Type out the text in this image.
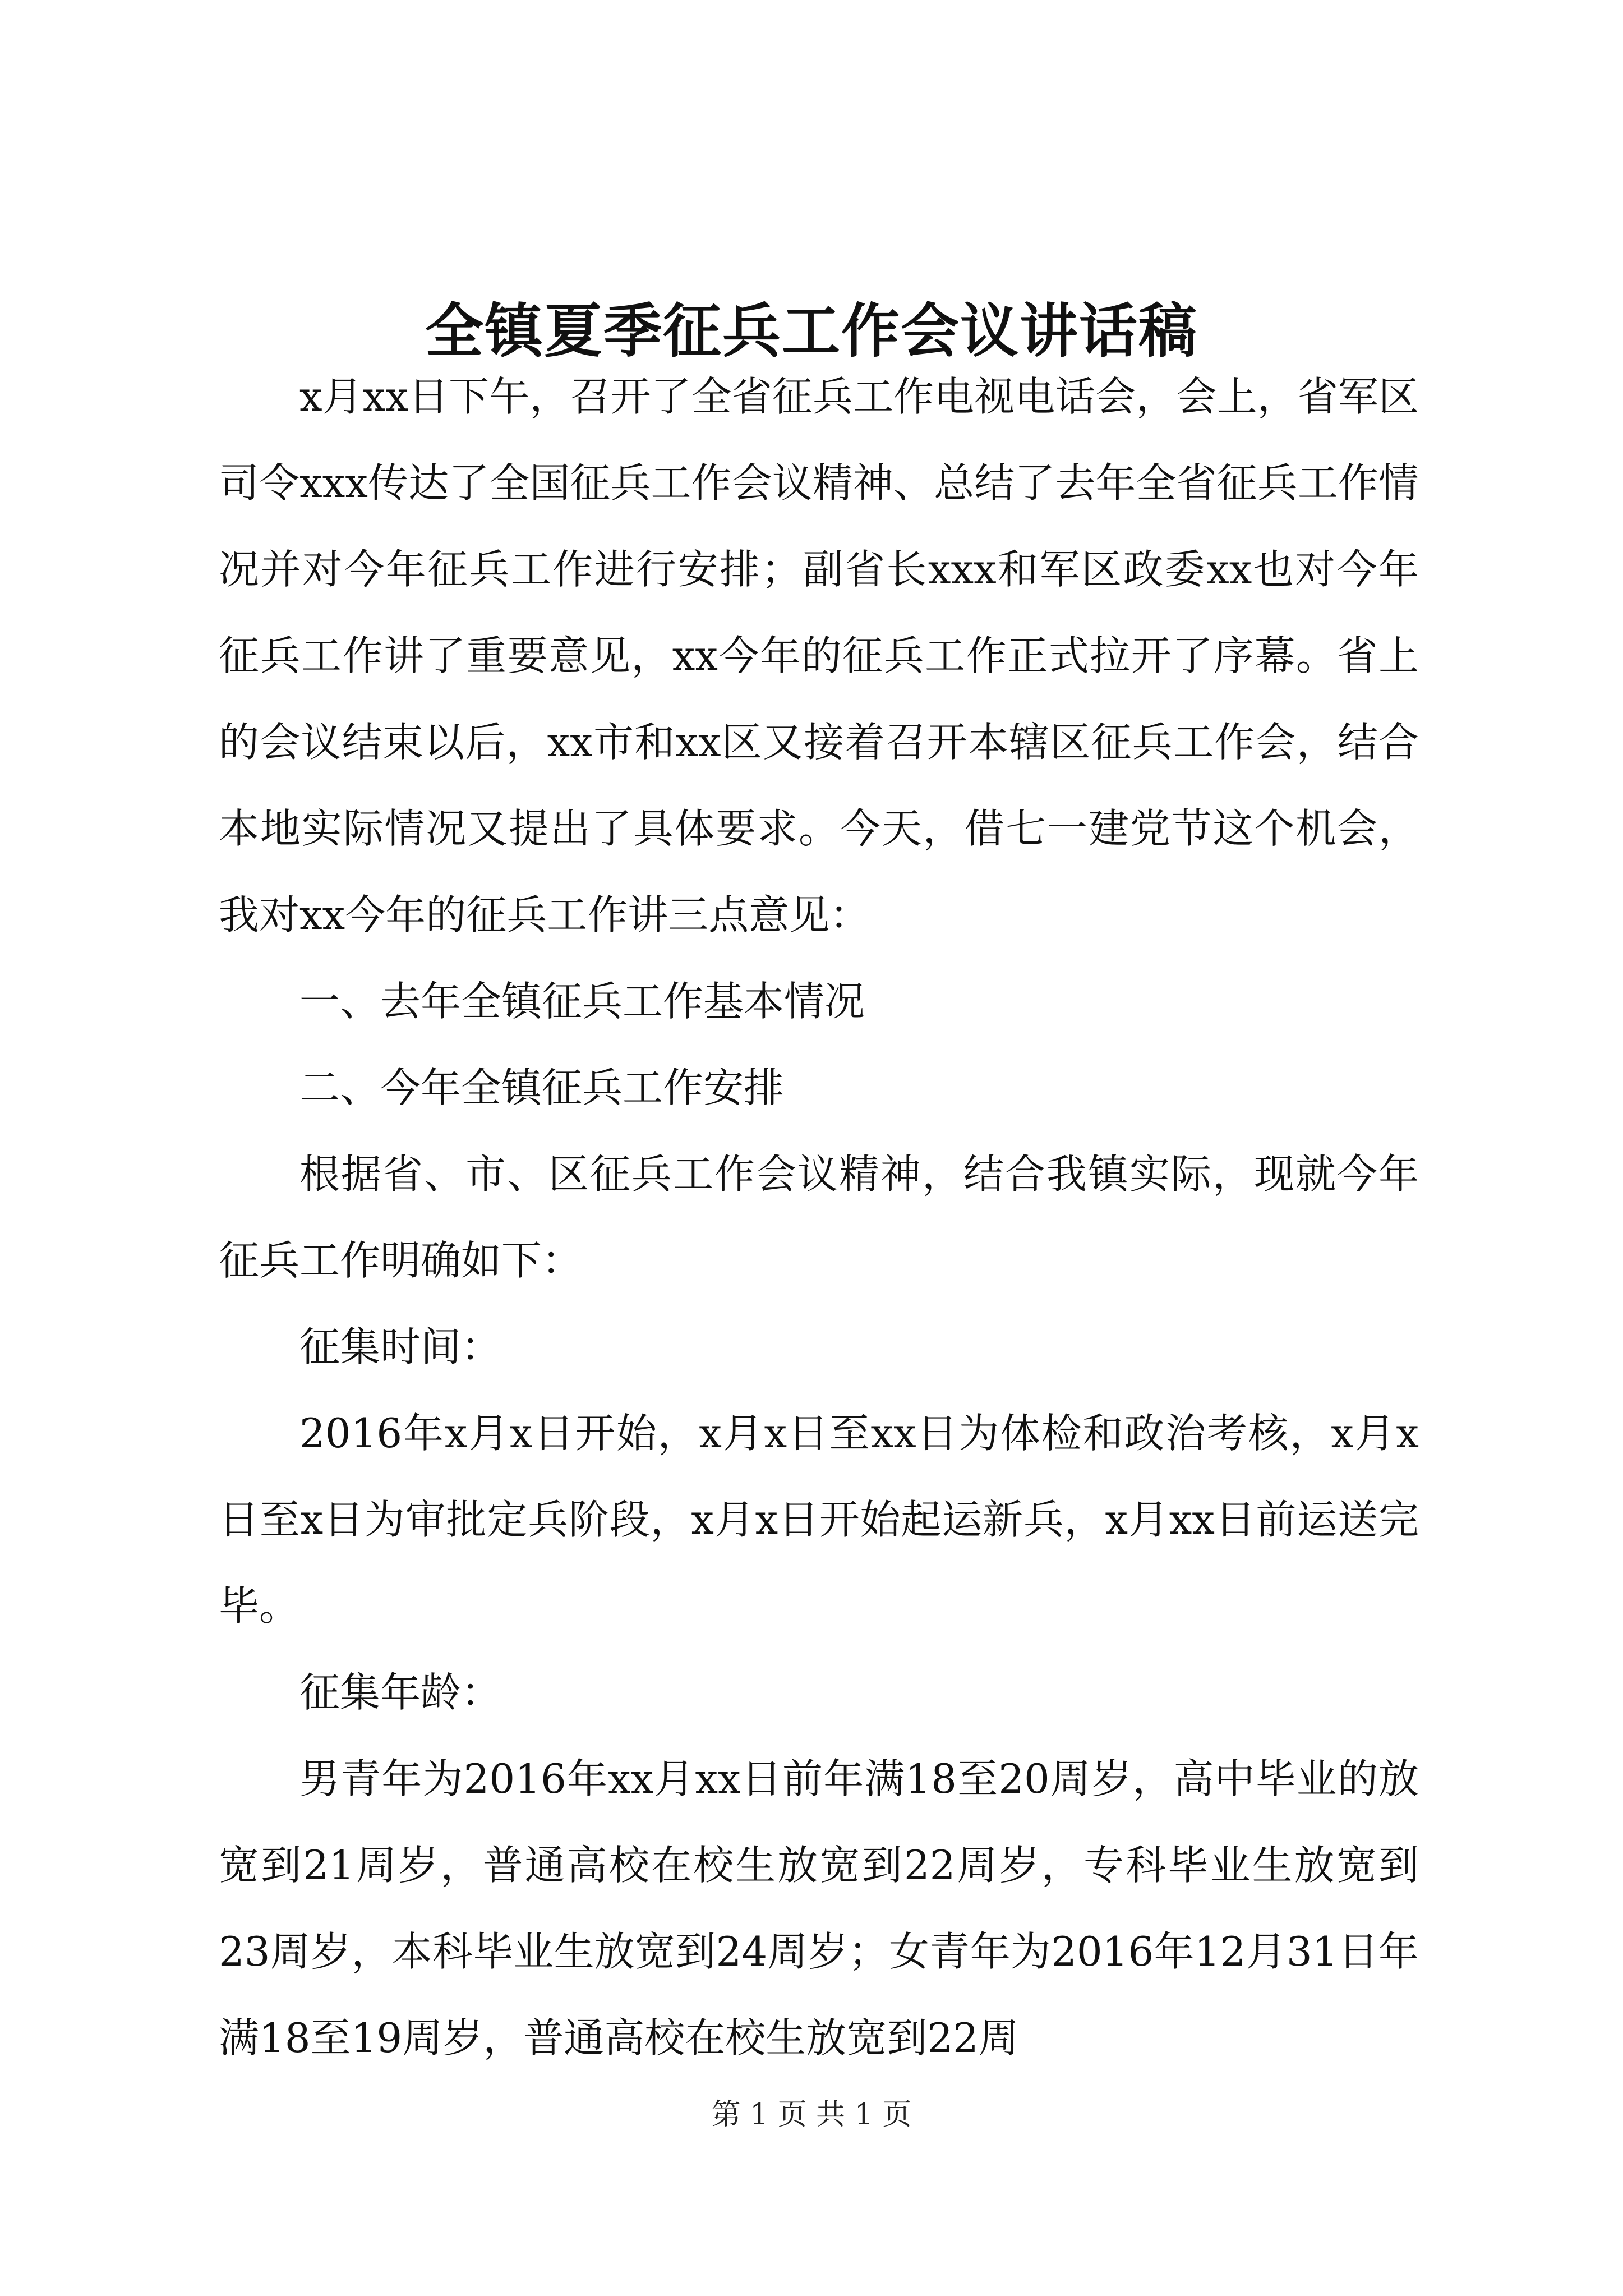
全镇夏季征兵工作会议讲话稿

x月xx日下午，召开了全省征兵工作电视电话会，会上，省军区司令xxx传达了全国征兵工作会议精神、总结了去年全省征兵工作情况并对今年征兵工作进行安排；副省长xxx和军区政委xx也对今年征兵工作讲了重要意见，xx今年的征兵工作正式拉开了序幕。省上的会议结束以后，xx市和xx区又接着召开本辖区征兵工作会，结合本地实际情况又提出了具体要求。今天，借七一建党节这个机会，我对xx今年的征兵工作讲三点意见：

一、去年全镇征兵工作基本情况

二、今年全镇征兵工作安排

根据省、市、区征兵工作会议精神，结合我镇实际，现就今年征兵工作明确如下：

征集时间：

2016年x月x日开始，x月x日至xx日为体检和政治考核，x月x日至x日为审批定兵阶段，x月x日开始起运新兵，x月xx日前运送完毕。

征集年龄：

男青年为2016年xx月xx日前年满18至20周岁，高中毕业的放宽到21周岁，普通高校在校生放宽到22周岁，专科毕业生放宽到23周岁，本科毕业生放宽到24周岁；女青年为2016年12月31日年满18至19周岁，普通高校在校生放宽到22周

第 1 页 共 1 页
